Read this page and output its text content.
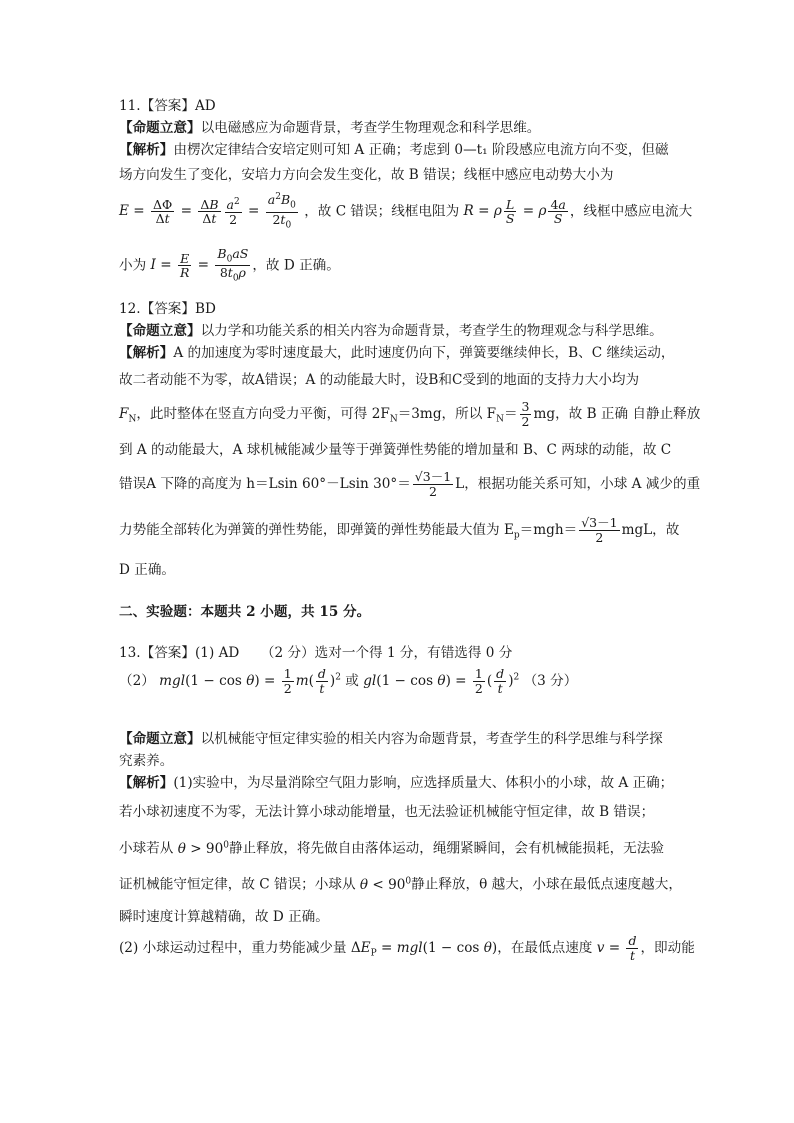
11.【答案】AD
【命题立意】以电磁感应为命题背景，考查学生物理观念和科学思维。
【解析】由楞次定律结合安培定则可知 A 正确；考虑到 0—t₁ 阶段感应电流方向不变，但磁
场方向发生了变化，安培力方向会发生变化，故 B 错误；线框中感应电动势大小为
$E = \frac{\Delta\Phi}{\Delta t} = \frac{\Delta B}{\Delta t} \frac{a^2}{2} = \frac{a^2B_0}{2t_0}$ ，故 C 错误；线框电阻为 R = ρ $\frac{L}{S} = \rho \frac{4a}{S}$ ，线框中感应电流大
小为 $I = \frac{E}{R} = \frac{B_0aS}{8t_0\rho}$ ，故 D 正确。
12.【答案】BD
【命题立意】以力学和功能关系的相关内容为命题背景，考查学生的物理观念与科学思维。
【解析】A 的加速度为零时速度最大，此时速度仍向下，弹簧要继续伸长，B、C 继续运动，
故二者动能不为零，故A错误；A 的动能最大时，设B和C受到的地面的支持力大小均为
$F_N$，此时整体在竖直方向受力平衡，可得 $2F_N=3mg$，所以 $F_N= \frac{3}{2}$ mg，故 B 正确 自静止释放
到 A 的动能最大，A 球机械能减少量等于弹簧弹性势能的增加量和 B、C 两球的动能，故 C
错误A 下降的高度为 h＝Lsin 60°－Lsin $30^\circ= \frac{√3-1}{2}$ L，根据功能关系可知，小球 A 减少的重
力势能全部转化为弹簧的弹性势能，即弹簧的弹性势能最大值为 $E_p=mgh= \frac{√3-1}{2}$ mgL，故
D 正确。
二、实验题：本题共 2 小题，共 15 分。
13.【答案】(1) AD （2 分）选对一个得 1 分，有错选得 0 分
（2） $mgl(1 - \cos \theta) = \frac{1}{2} m( \frac{d}{t} )^2$ 或 $gl(1 - \cos \theta) = \frac{1}{2}$ ( $\frac{d}{t} )^2$ （3 分）
【命题立意】以机械能守恒定律实验的相关内容为命题背景，考查学生的科学思维与科学探
究素养。
【解析】(1)实验中，为尽量消除空气阻力影响，应选择质量大、体积小的小球，故 A 正确；
若小球初速度不为零，无法计算小球动能增量，也无法验证机械能守恒定律，故 B 错误；
小球若从 $\theta > 90^0$静止释放，将先做自由落体运动，绳绷紧瞬间，会有机械能损耗，无法验
证机械能守恒定律，故 C 错误；小球从 $\theta < 90^0$静止释放，θ 越大，小球在最低点速度越大，
瞬时速度计算越精确，故 D 正确。
(2) 小球运动过程中，重力势能减少量 $\Delta E_P = mgl(1 - \cos \theta)$，在最低点速度 $v = \frac{d}{t}$ ，即动能
